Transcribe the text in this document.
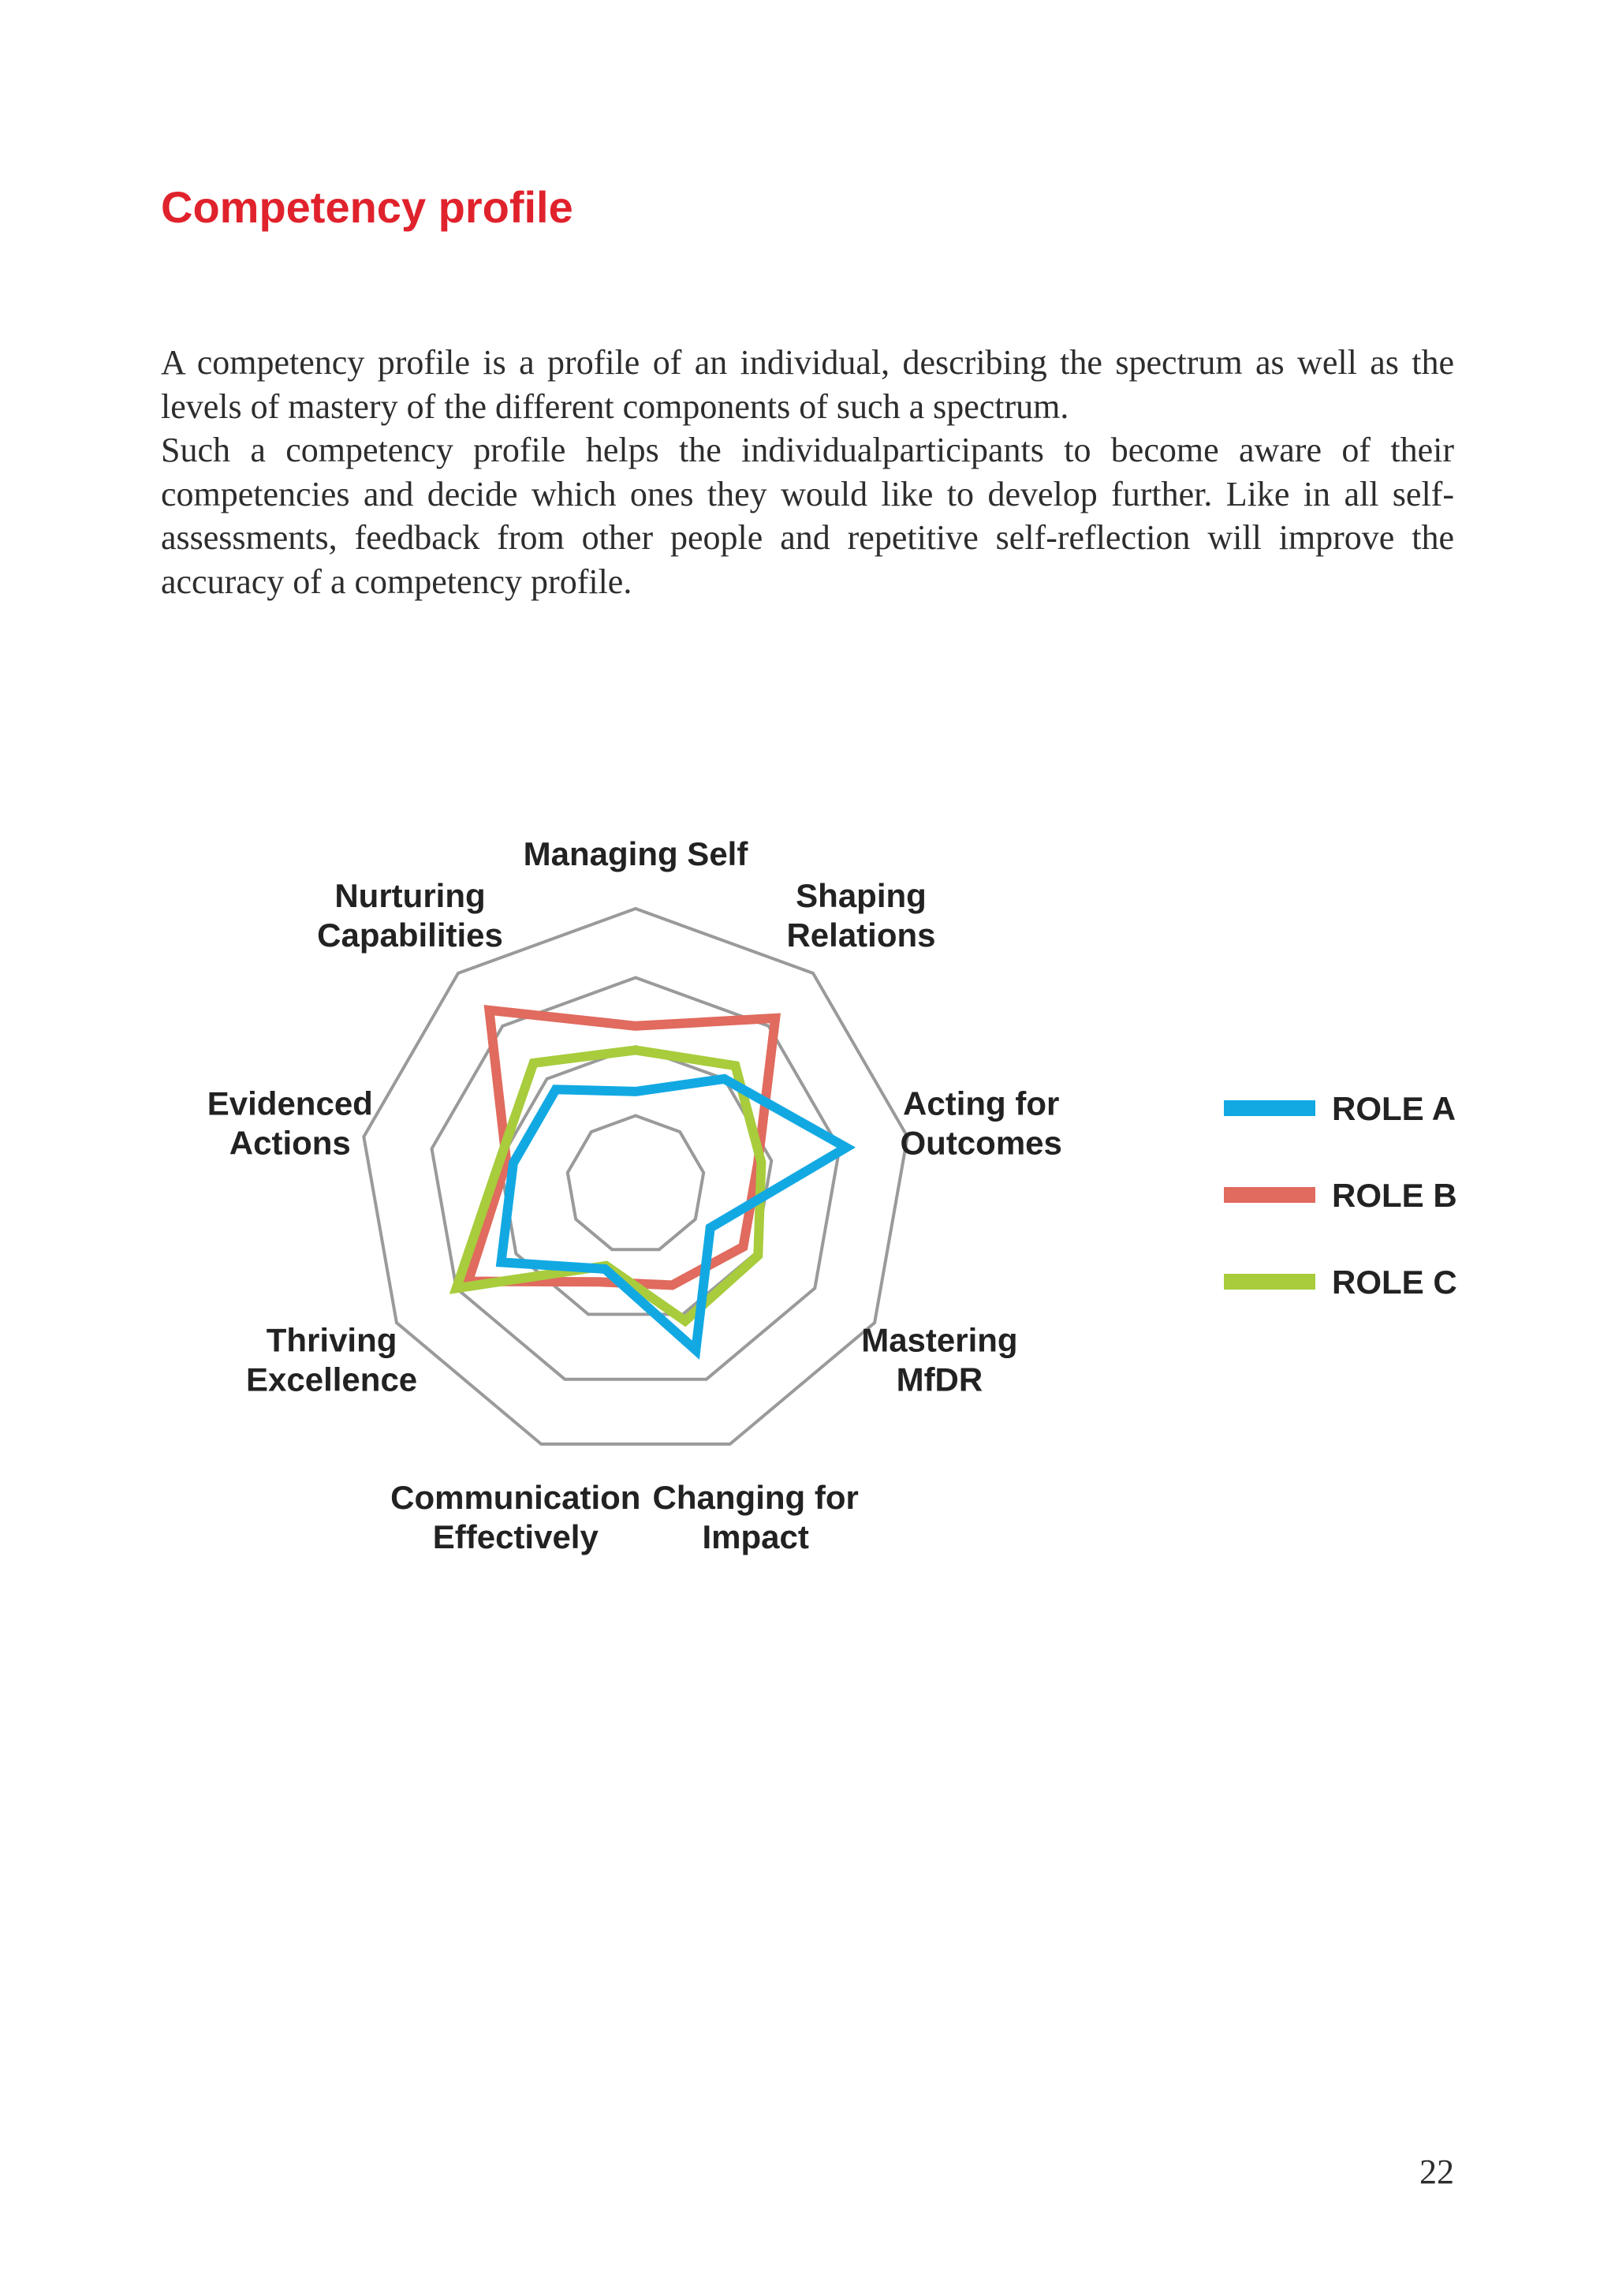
Competency profile
A competency profile is a profile of an individual, describing the spectrum as well as the levels of mastery of the different components of such a spectrum.
Such a competency profile helps the individualparticipants to become aware of their competencies and decide which ones they would like to develop further. Like in all self-assessments, feedback from other people and repetitive self-reflection will improve the accuracy of a competency profile.
Managing Self
Shaping Relations
Acting for Outcomes
Mastering MfDR
Changing for Impact
Communication Effectively
Thriving Excellence
Evidenced Actions
Nurturing Capabilities
ROLE A
ROLE B
ROLE C
22
